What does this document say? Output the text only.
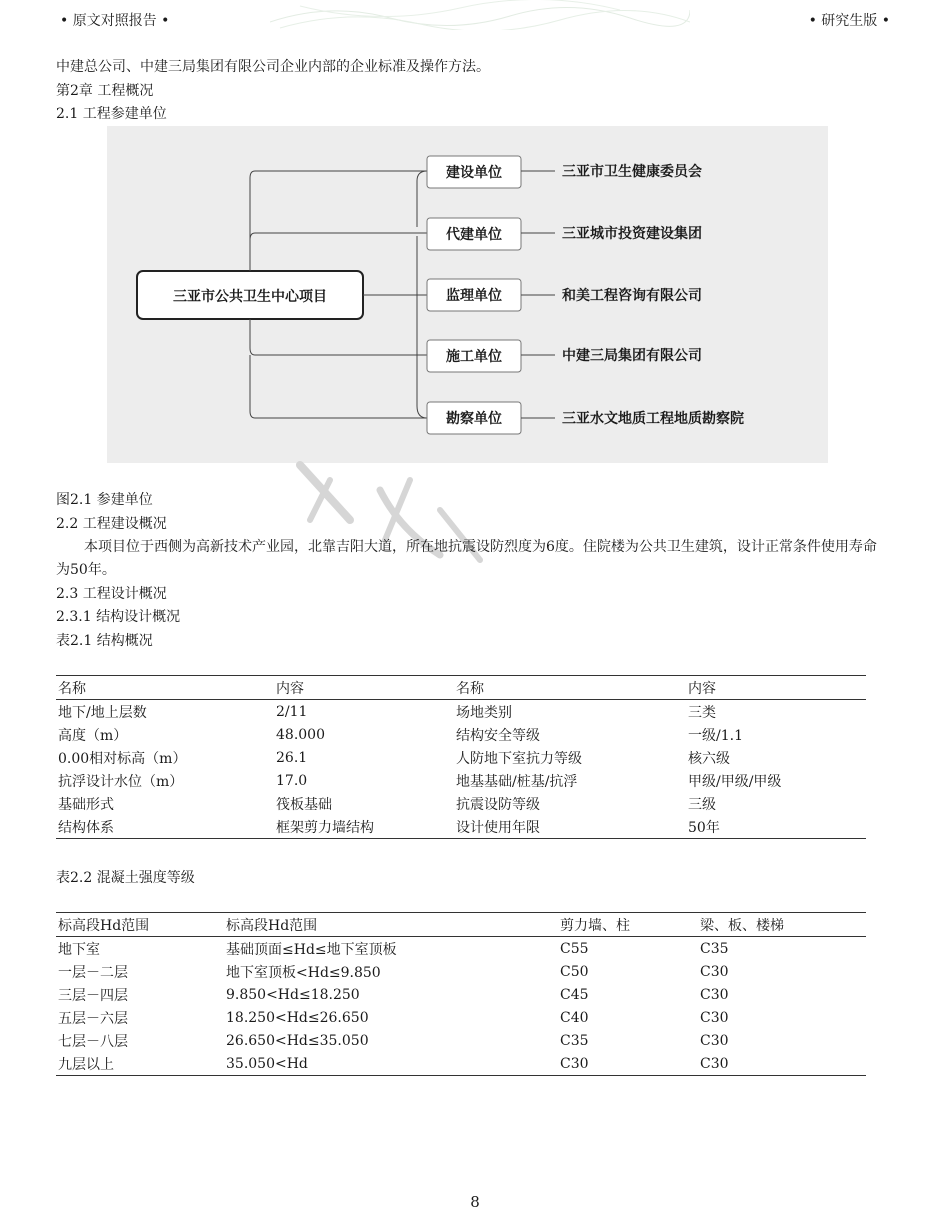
• 原文对照报告 •	• 研究生版 •
中建总公司、中建三局集团有限公司企业内部的企业标准及操作方法。
第2章 工程概况
2.1 工程参建单位
三亚市公共卫生中心项目
建设单位	三亚市卫生健康委员会
代建单位	三亚城市投资建设集团
监理单位	和美工程咨询有限公司
施工单位	中建三局集团有限公司
勘察单位	三亚水文地质工程地质勘察院
图2.1 参建单位
2.2 工程建设概况
本项目位于西侧为高新技术产业园，北靠吉阳大道，所在地抗震设防烈度为6度。住院楼为公共卫生建筑，设计正常条件使用寿命为50年。
2.3 工程设计概况
2.3.1 结构设计概况
表2.1 结构概况
名称	内容	名称	内容
地下/地上层数	2/11	场地类别	三类
高度（m）	48.000	结构安全等级	一级/1.1
0.00相对标高（m）	26.1	人防地下室抗力等级	核六级
抗浮设计水位（m）	17.0	地基基础/桩基/抗浮	甲级/甲级/甲级
基础形式	筏板基础	抗震设防等级	三级
结构体系	框架剪力墙结构	设计使用年限	50年
表2.2 混凝土强度等级
标高段Hd范围	标高段Hd范围	剪力墙、柱	梁、板、楼梯
地下室	基础顶面≤Hd≤地下室顶板	C55	C35
一层－二层	地下室顶板<Hd≤9.850	C50	C30
三层－四层	9.850<Hd≤18.250	C45	C30
五层－六层	18.250<Hd≤26.650	C40	C30
七层－八层	26.650<Hd≤35.050	C35	C30
九层以上	35.050<Hd	C30	C30
8
